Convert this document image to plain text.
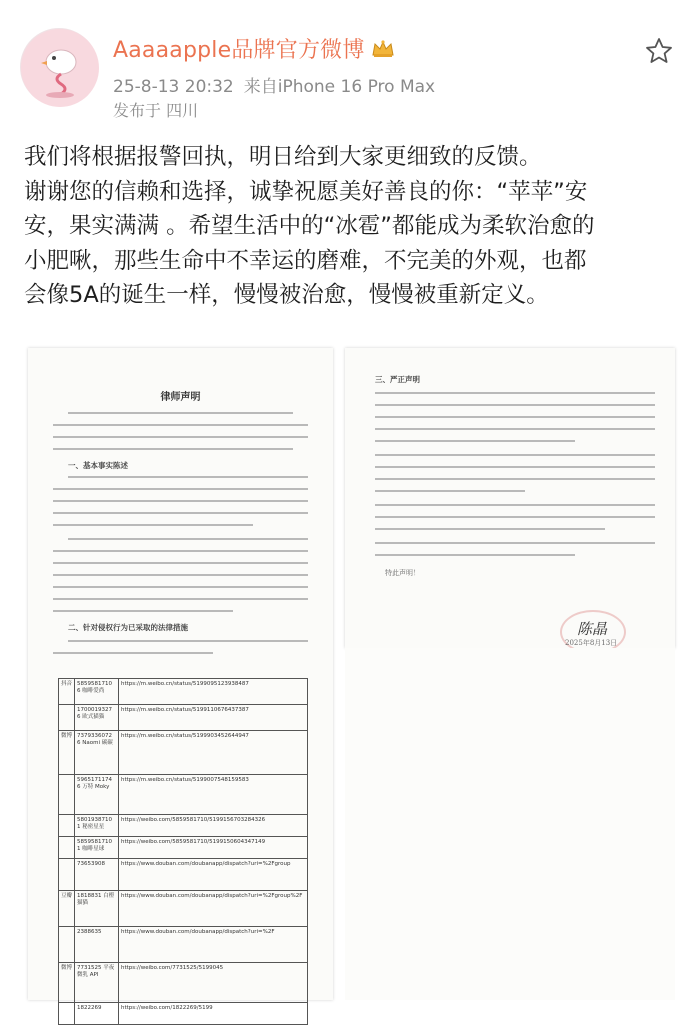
Aaaaapple品牌官方微博
25-8-13 20:32 来自iPhone 16 Pro Max
发布于 四川

我们将根据报警回执，明日给到大家更细致的反馈。

谢谢您的信赖和选择，诚挚祝愿美好善良的你：“苹苹”安

安，果实满满 。希望生活中的“冰雹”都能成为柔软治愈的

小肥啾，那些生命中不幸运的磨难，不完美的外观，也都

会像5A的诞生一样，慢慢被治愈，慢慢被重新定义。

律师声明
一、基本事实陈述
二、针对侵权行为已采取的法律措施
抖音	5859581710 6 咖啡爱尚	https://m.weibo.cn/status/5199095123938487
	1700019327 6 欧式猫猫	https://m.weibo.cn/status/5199110676437387
微博	7379336072 6 Naomi 碳碳	https://m.weibo.cn/status/5199903452644947
	5965171174 6 万特 Moky	https://m.weibo.cn/status/5199007548159583
	5801938710 1 秘密星星	https://weibo.com/5859581710/5199156703284326
	5859581710 1 咖啡星球	https://weibo.com/5859581710/5199150604347149
	73653908	https://www.douban.com/doubanapp/dispatch?uri=%2Fgroup
豆瓣	1818831 白橙猫猫	https://www.douban.com/doubanapp/dispatch?uri=%2Fgroup%2F
	2388635	https://www.douban.com/doubanapp/dispatch?uri=%2F
微博	7731525 平夜微乳 API	https://weibo.com/7731525/5199045
	1822269	https://weibo.com/1822269/5199
三、严正声明
特此声明！
陈晶
2025年8月13日
